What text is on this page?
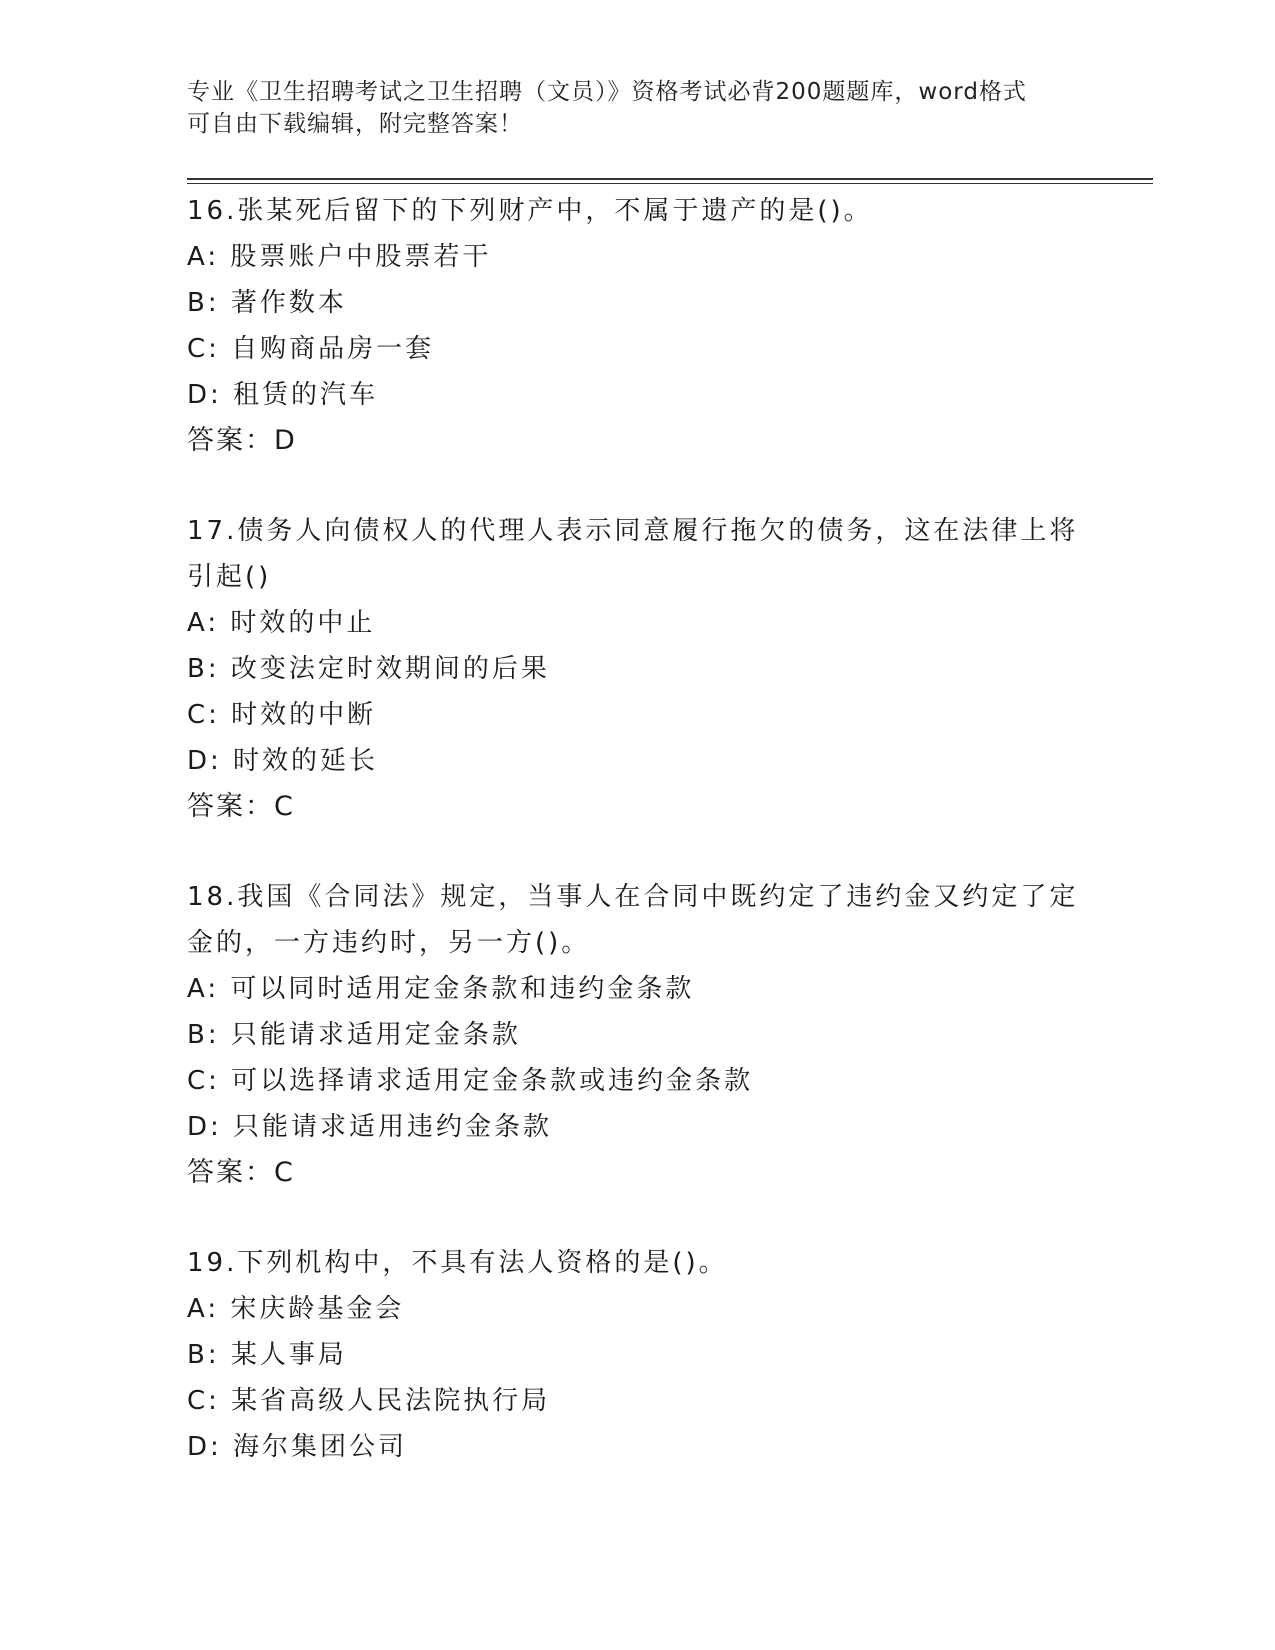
专业《卫生招聘考试之卫生招聘（文员）》资格考试必背200题题库，word格式
可自由下载编辑，附完整答案！
16.张某死后留下的下列财产中，不属于遗产的是()。
A: 股票账户中股票若干
B: 著作数本
C: 自购商品房一套
D: 租赁的汽车
答案：D
17.债务人向债权人的代理人表示同意履行拖欠的债务，这在法律上将引起()
A: 时效的中止
B: 改变法定时效期间的后果
C: 时效的中断
D: 时效的延长
答案：C
18.我国《合同法》规定，当事人在合同中既约定了违约金又约定了定金的，一方违约时，另一方()。
A: 可以同时适用定金条款和违约金条款
B: 只能请求适用定金条款
C: 可以选择请求适用定金条款或违约金条款
D: 只能请求适用违约金条款
答案：C
19.下列机构中，不具有法人资格的是()。
A: 宋庆龄基金会
B: 某人事局
C: 某省高级人民法院执行局
D: 海尔集团公司
